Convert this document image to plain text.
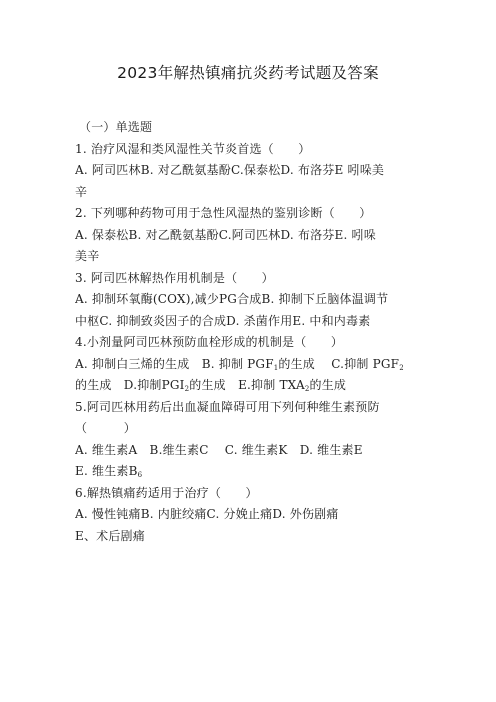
2023年解热镇痛抗炎药考试题及答案
（一）单选题
1. 治疗风湿和类风湿性关节炎首选（　　）
A. 阿司匹林B. 对乙酰氨基酚C.保泰松D. 布洛芬E 吲哚美
辛
2. 下列哪种药物可用于急性风湿热的鉴别诊断（　　）
A. 保泰松B. 对乙酰氨基酚C.阿司匹林D. 布洛芬E. 吲哚
美辛
3. 阿司匹林解热作用机制是（　　）
A. 抑制环氧酶(COX),减少PG合成B. 抑制下丘脑体温调节
中枢C. 抑制致炎因子的合成D. 杀菌作用E. 中和内毒素
4.小剂量阿司匹林预防血栓形成的机制是（　　）
A. 抑制白三烯的生成　B. 抑制 $PGF_1$的生成　 C.抑制 $PGF_2$
的生成　D.抑制$PGI_2$的生成　E.抑制 $TXA_2$的生成
5.阿司匹林用药后出血凝血障碍可用下列何种维生素预防
（　　　）
A. 维生素A　B.维生素C　 C. 维生素K　D. 维生素E
E. 维生素$B_6$
6.解热镇痛药适用于治疗（　　）
A. 慢性钝痛B. 内脏绞痛C. 分娩止痛D. 外伤剧痛
E、术后剧痛
